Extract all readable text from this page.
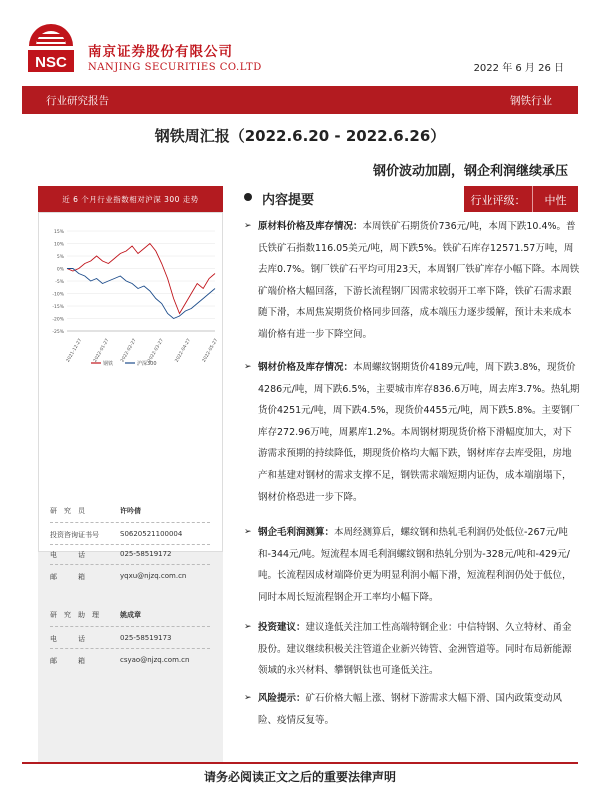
NSC
南京证券股份有限公司
NANJING SECURITIES CO.LTD	2022 年 6 月 26 日
行业研究报告	钢铁行业
钢铁周汇报（2022.6.20 - 2022.6.26）
钢价波动加剧，钢企利润继续承压
近 6 个月行业指数相对沪深 300 走势
15%
10%
5%
0%
-5%
-10%
-15%
-20%
-25%
2021-12-27 2022-01-27 2022-02-27 2022-03-27 2022-04-27 2022-05-27
钢铁	沪深300
研　究　员	许吟倩
投资咨询证书号	S0620521100004
电　　　话	025-58519172
邮　　　箱	yqxu@njzq.com.cn
研　究　助　理	姚成章
电　　　话	025-58519173
邮　　　箱	csyao@njzq.com.cn
内容提要	行业评级：	中性
➢ 原材料价格及库存情况：本周铁矿石期货价736元/吨，本周下跌10.4%。普氏铁矿石指数116.05美元/吨，周下跌5%。铁矿石库存12571.57万吨，周去库0.7%。钢厂铁矿石平均可用23天，本周钢厂铁矿库存小幅下降。本周铁矿端价格大幅回落，下游长流程钢厂因需求较弱开工率下降，铁矿石需求跟随下滑，本周焦炭期货价格同步回落，成本端压力逐步缓解，预计未来成本端价格有进一步下降空间。
➢ 钢材价格及库存情况：本周螺纹钢期货价4189元/吨，周下跌3.8%，现货价4286元/吨，周下跌6.5%，主要城市库存836.6万吨，周去库3.7%。热轧期货价4251元/吨，周下跌4.5%，现货价4455元/吨，周下跌5.8%。主要钢厂库存272.96万吨，周累库1.2%。本周钢材期现货价格下滑幅度加大，对下游需求预期的持续降低，期现货价格均大幅下跌，钢材库存去库受阻，房地产和基建对钢材的需求支撑不足，钢铁需求端短期内证伪，成本端崩塌下，钢材价格恐进一步下降。
➢ 钢企毛利润测算：本周经测算后，螺纹钢和热轧毛利润仍处低位-267元/吨和-344元/吨。短流程本周毛利润螺纹钢和热轧分别为-328元/吨和-429元/吨。长流程因成材端降价更为明显利润小幅下滑，短流程利润仍处于低位，同时本周长短流程钢企开工率均小幅下降。
➢ 投资建议：建议逢低关注加工性高端特钢企业：中信特钢、久立特材、甬金股份。建议继续积极关注管道企业新兴铸管、金洲管道等。同时布局新能源领域的永兴材料、攀钢钒钛也可逢低关注。
➢ 风险提示：矿石价格大幅上涨、钢材下游需求大幅下滑、国内政策变动风险、疫情反复等。
请务必阅读正文之后的重要法律声明
